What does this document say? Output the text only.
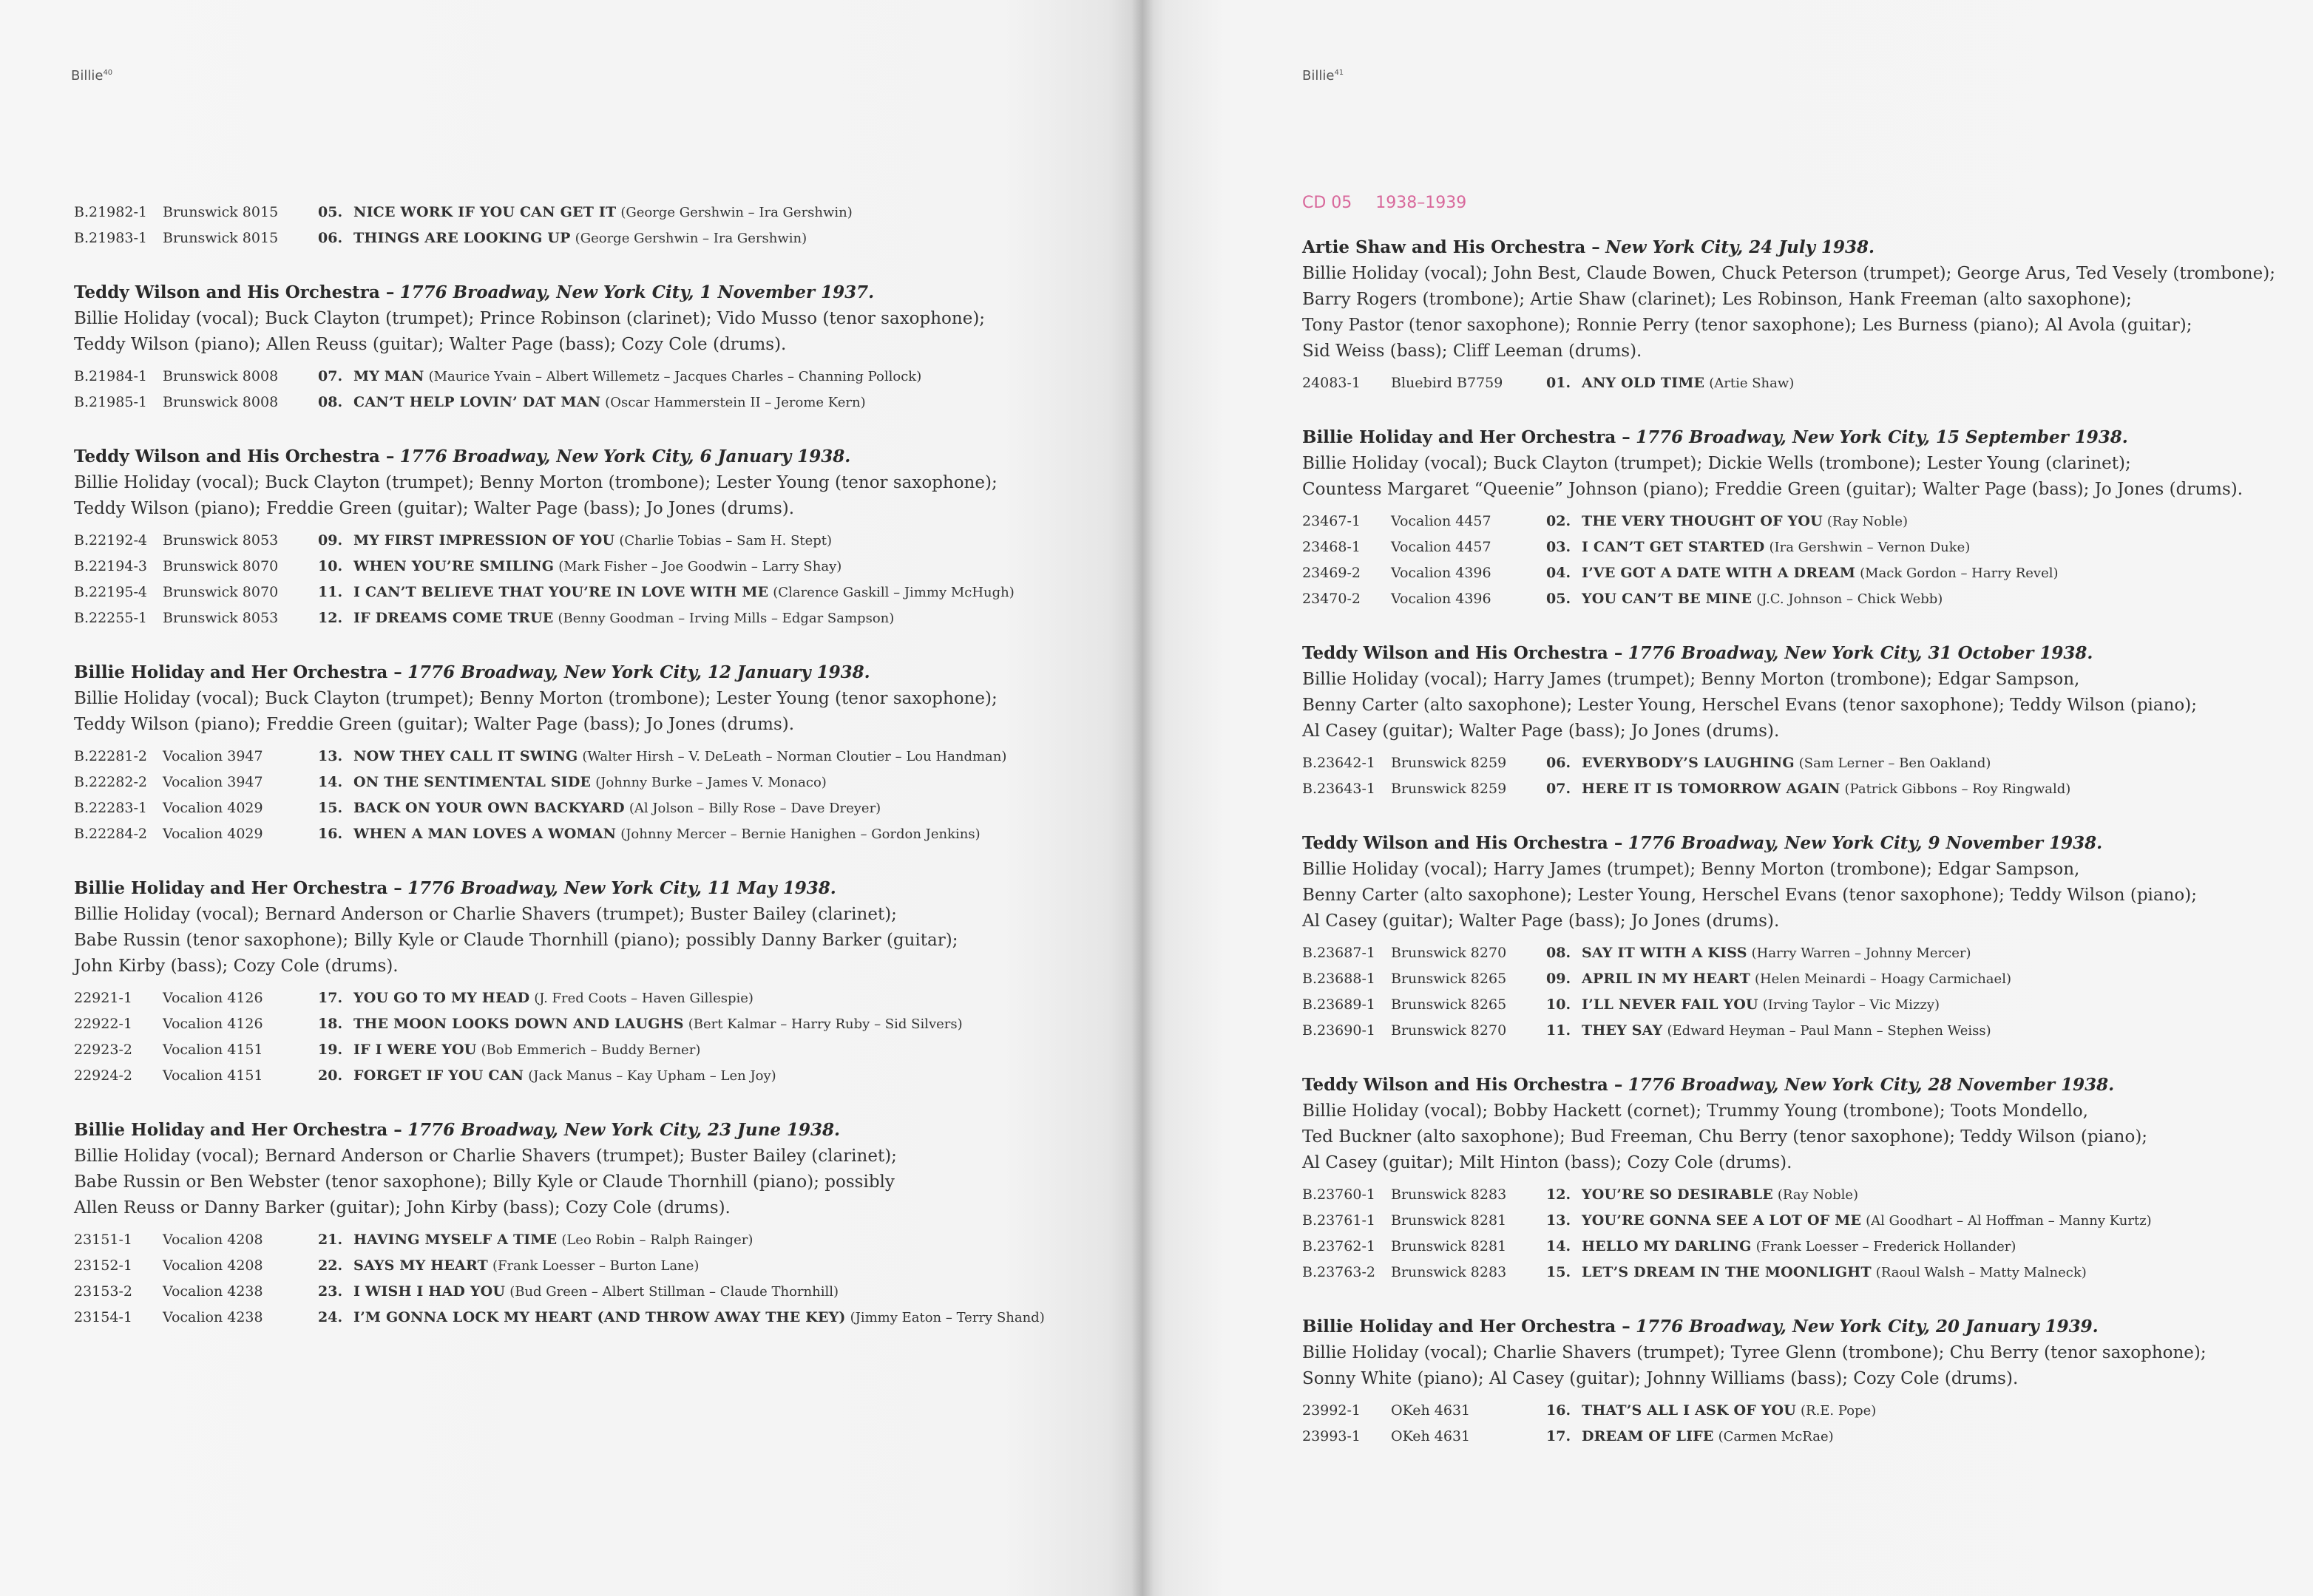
Billie$^{40}$
B.21982-1	Brunswick 8015	05. NICE WORK IF YOU CAN GET IT (George Gershwin – Ira Gershwin)
B.21983-1	Brunswick 8015	06. THINGS ARE LOOKING UP (George Gershwin – Ira Gershwin)
Teddy Wilson and His Orchestra – 1776 Broadway, New York City, 1 November 1937.
Billie Holiday (vocal); Buck Clayton (trumpet); Prince Robinson (clarinet); Vido Musso (tenor saxophone);
Teddy Wilson (piano); Allen Reuss (guitar); Walter Page (bass); Cozy Cole (drums).
B.21984-1	Brunswick 8008	07. MY MAN (Maurice Yvain – Albert Willemetz – Jacques Charles – Channing Pollock)
B.21985-1	Brunswick 8008	08. CAN’T HELP LOVIN’ DAT MAN (Oscar Hammerstein II – Jerome Kern)
Teddy Wilson and His Orchestra – 1776 Broadway, New York City, 6 January 1938.
Billie Holiday (vocal); Buck Clayton (trumpet); Benny Morton (trombone); Lester Young (tenor saxophone);
Teddy Wilson (piano); Freddie Green (guitar); Walter Page (bass); Jo Jones (drums).
B.22192-4	Brunswick 8053	09. MY FIRST IMPRESSION OF YOU (Charlie Tobias – Sam H. Stept)
B.22194-3	Brunswick 8070	10. WHEN YOU’RE SMILING (Mark Fisher – Joe Goodwin – Larry Shay)
B.22195-4	Brunswick 8070	11. I CAN’T BELIEVE THAT YOU’RE IN LOVE WITH ME (Clarence Gaskill – Jimmy McHugh)
B.22255-1	Brunswick 8053	12. IF DREAMS COME TRUE (Benny Goodman – Irving Mills – Edgar Sampson)
Billie Holiday and Her Orchestra – 1776 Broadway, New York City, 12 January 1938.
Billie Holiday (vocal); Buck Clayton (trumpet); Benny Morton (trombone); Lester Young (tenor saxophone);
Teddy Wilson (piano); Freddie Green (guitar); Walter Page (bass); Jo Jones (drums).
B.22281-2	Vocalion 3947	13. NOW THEY CALL IT SWING (Walter Hirsh – V. DeLeath – Norman Cloutier – Lou Handman)
B.22282-2	Vocalion 3947	14. ON THE SENTIMENTAL SIDE (Johnny Burke – James V. Monaco)
B.22283-1	Vocalion 4029	15. BACK ON YOUR OWN BACKYARD (Al Jolson – Billy Rose – Dave Dreyer)
B.22284-2	Vocalion 4029	16. WHEN A MAN LOVES A WOMAN (Johnny Mercer – Bernie Hanighen – Gordon Jenkins)
Billie Holiday and Her Orchestra – 1776 Broadway, New York City, 11 May 1938.
Billie Holiday (vocal); Bernard Anderson or Charlie Shavers (trumpet); Buster Bailey (clarinet);
Babe Russin (tenor saxophone); Billy Kyle or Claude Thornhill (piano); possibly Danny Barker (guitar);
John Kirby (bass); Cozy Cole (drums).
22921-1	Vocalion 4126	17. YOU GO TO MY HEAD (J. Fred Coots – Haven Gillespie)
22922-1	Vocalion 4126	18. THE MOON LOOKS DOWN AND LAUGHS (Bert Kalmar – Harry Ruby – Sid Silvers)
22923-2	Vocalion 4151	19. IF I WERE YOU (Bob Emmerich – Buddy Berner)
22924-2	Vocalion 4151	20. FORGET IF YOU CAN (Jack Manus – Kay Upham – Len Joy)
Billie Holiday and Her Orchestra – 1776 Broadway, New York City, 23 June 1938.
Billie Holiday (vocal); Bernard Anderson or Charlie Shavers (trumpet); Buster Bailey (clarinet);
Babe Russin or Ben Webster (tenor saxophone); Billy Kyle or Claude Thornhill (piano); possibly
Allen Reuss or Danny Barker (guitar); John Kirby (bass); Cozy Cole (drums).
23151-1	Vocalion 4208	21. HAVING MYSELF A TIME (Leo Robin – Ralph Rainger)
23152-1	Vocalion 4208	22. SAYS MY HEART (Frank Loesser – Burton Lane)
23153-2	Vocalion 4238	23. I WISH I HAD YOU (Bud Green – Albert Stillman – Claude Thornhill)
23154-1	Vocalion 4238	24. I’M GONNA LOCK MY HEART (AND THROW AWAY THE KEY) (Jimmy Eaton – Terry Shand)
Billie$^{41}$
CD 05 1938–1939
Artie Shaw and His Orchestra – New York City, 24 July 1938.
Billie Holiday (vocal); John Best, Claude Bowen, Chuck Peterson (trumpet); George Arus, Ted Vesely (trombone);
Barry Rogers (trombone); Artie Shaw (clarinet); Les Robinson, Hank Freeman (alto saxophone);
Tony Pastor (tenor saxophone); Ronnie Perry (tenor saxophone); Les Burness (piano); Al Avola (guitar);
Sid Weiss (bass); Cliff Leeman (drums).
24083-1	Bluebird B7759	01. ANY OLD TIME (Artie Shaw)
Billie Holiday and Her Orchestra – 1776 Broadway, New York City, 15 September 1938.
Billie Holiday (vocal); Buck Clayton (trumpet); Dickie Wells (trombone); Lester Young (clarinet);
Countess Margaret “Queenie” Johnson (piano); Freddie Green (guitar); Walter Page (bass); Jo Jones (drums).
23467-1	Vocalion 4457	02. THE VERY THOUGHT OF YOU (Ray Noble)
23468-1	Vocalion 4457	03. I CAN’T GET STARTED (Ira Gershwin – Vernon Duke)
23469-2	Vocalion 4396	04. I’VE GOT A DATE WITH A DREAM (Mack Gordon – Harry Revel)
23470-2	Vocalion 4396	05. YOU CAN’T BE MINE (J.C. Johnson – Chick Webb)
Teddy Wilson and His Orchestra – 1776 Broadway, New York City, 31 October 1938.
Billie Holiday (vocal); Harry James (trumpet); Benny Morton (trombone); Edgar Sampson,
Benny Carter (alto saxophone); Lester Young, Herschel Evans (tenor saxophone); Teddy Wilson (piano);
Al Casey (guitar); Walter Page (bass); Jo Jones (drums).
B.23642-1	Brunswick 8259	06. EVERYBODY’S LAUGHING (Sam Lerner – Ben Oakland)
B.23643-1	Brunswick 8259	07. HERE IT IS TOMORROW AGAIN (Patrick Gibbons – Roy Ringwald)
Teddy Wilson and His Orchestra – 1776 Broadway, New York City, 9 November 1938.
Billie Holiday (vocal); Harry James (trumpet); Benny Morton (trombone); Edgar Sampson,
Benny Carter (alto saxophone); Lester Young, Herschel Evans (tenor saxophone); Teddy Wilson (piano);
Al Casey (guitar); Walter Page (bass); Jo Jones (drums).
B.23687-1	Brunswick 8270	08. SAY IT WITH A KISS (Harry Warren – Johnny Mercer)
B.23688-1	Brunswick 8265	09. APRIL IN MY HEART (Helen Meinardi – Hoagy Carmichael)
B.23689-1	Brunswick 8265	10. I’LL NEVER FAIL YOU (Irving Taylor – Vic Mizzy)
B.23690-1	Brunswick 8270	11. THEY SAY (Edward Heyman – Paul Mann – Stephen Weiss)
Teddy Wilson and His Orchestra – 1776 Broadway, New York City, 28 November 1938.
Billie Holiday (vocal); Bobby Hackett (cornet); Trummy Young (trombone); Toots Mondello,
Ted Buckner (alto saxophone); Bud Freeman, Chu Berry (tenor saxophone); Teddy Wilson (piano);
Al Casey (guitar); Milt Hinton (bass); Cozy Cole (drums).
B.23760-1	Brunswick 8283	12. YOU’RE SO DESIRABLE (Ray Noble)
B.23761-1	Brunswick 8281	13. YOU’RE GONNA SEE A LOT OF ME (Al Goodhart – Al Hoffman – Manny Kurtz)
B.23762-1	Brunswick 8281	14. HELLO MY DARLING (Frank Loesser – Frederick Hollander)
B.23763-2	Brunswick 8283	15. LET’S DREAM IN THE MOONLIGHT (Raoul Walsh – Matty Malneck)
Billie Holiday and Her Orchestra – 1776 Broadway, New York City, 20 January 1939.
Billie Holiday (vocal); Charlie Shavers (trumpet); Tyree Glenn (trombone); Chu Berry (tenor saxophone);
Sonny White (piano); Al Casey (guitar); Johnny Williams (bass); Cozy Cole (drums).
23992-1	OKeh 4631	16. THAT’S ALL I ASK OF YOU (R.E. Pope)
23993-1	OKeh 4631	17. DREAM OF LIFE (Carmen McRae)
